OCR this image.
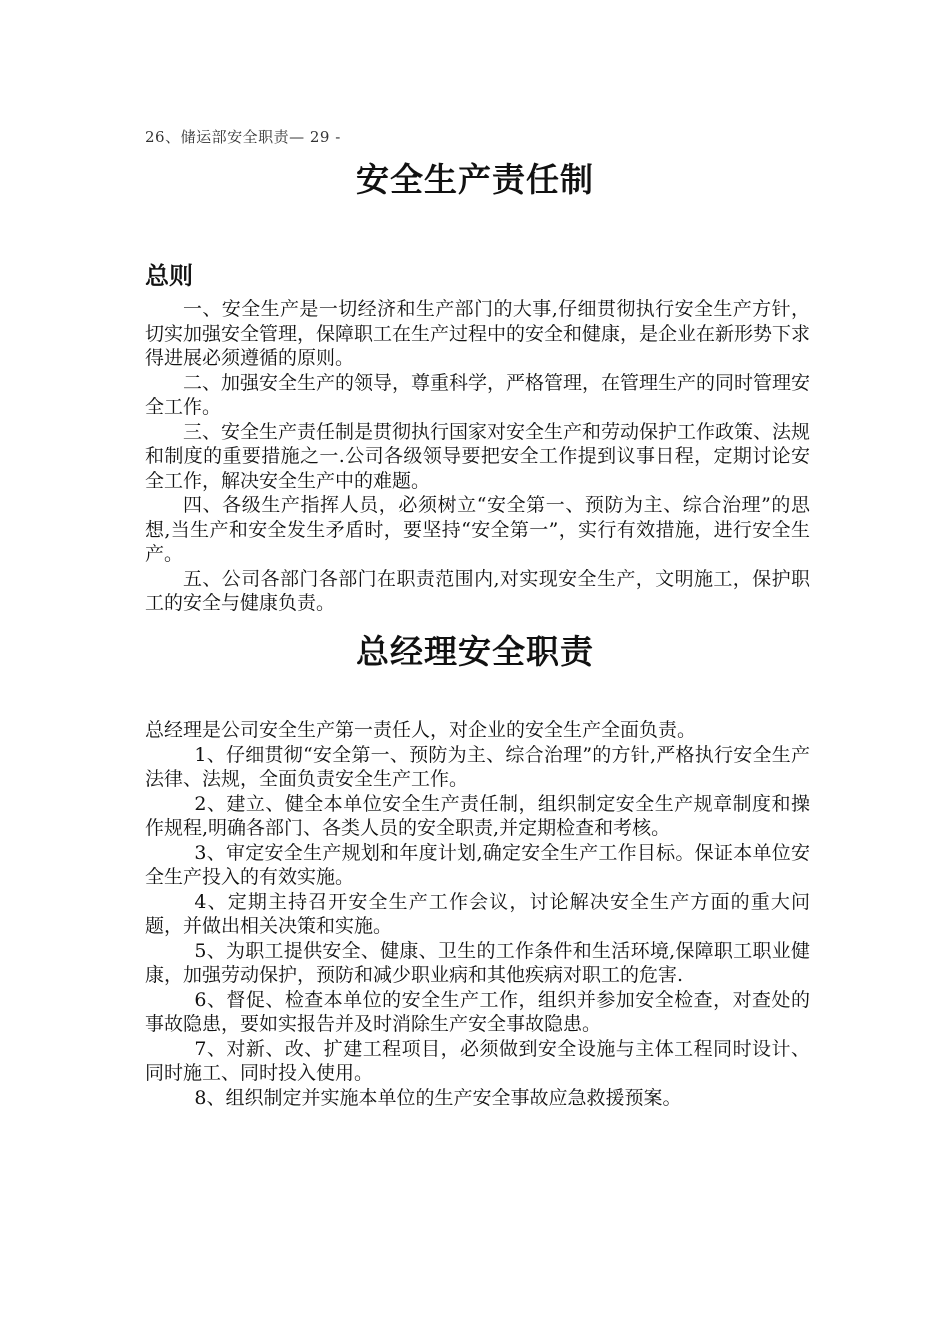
26、储运部安全职责— 29 -
安全生产责任制
总则

一、安全生产是一切经济和生产部门的大事,仔细贯彻执行安全生产方针，切实加强安全管理，保障职工在生产过程中的安全和健康，是企业在新形势下求得进展必须遵循的原则。

二、加强安全生产的领导，尊重科学，严格管理，在管理生产的同时管理安全工作。

三、安全生产责任制是贯彻执行国家对安全生产和劳动保护工作政策、法规和制度的重要措施之一.公司各级领导要把安全工作提到议事日程，定期讨论安全工作，解决安全生产中的难题。

四、各级生产指挥人员，必须树立“安全第一、预防为主、综合治理”的思想,当生产和安全发生矛盾时，要坚持“安全第一”，实行有效措施，进行安全生产。

五、公司各部门各部门在职责范围内,对实现安全生产，文明施工，保护职工的安全与健康负责。

总经理安全职责

总经理是公司安全生产第一责任人，对企业的安全生产全面负责。

1、仔细贯彻“安全第一、预防为主、综合治理”的方针,严格执行安全生产法律、法规，全面负责安全生产工作。

2、建立、健全本单位安全生产责任制，组织制定安全生产规章制度和操作规程,明确各部门、各类人员的安全职责,并定期检查和考核。

3、审定安全生产规划和年度计划,确定安全生产工作目标。保证本单位安全生产投入的有效实施。

4、定期主持召开安全生产工作会议，讨论解决安全生产方面的重大问题，并做出相关决策和实施。

5、为职工提供安全、健康、卫生的工作条件和生活环境,保障职工职业健康，加强劳动保护，预防和减少职业病和其他疾病对职工的危害.

6、督促、检查本单位的安全生产工作，组织并参加安全检查，对查处的事故隐患，要如实报告并及时消除生产安全事故隐患。

7、对新、改、扩建工程项目，必须做到安全设施与主体工程同时设计、同时施工、同时投入使用。

8、组织制定并实施本单位的生产安全事故应急救援预案。
